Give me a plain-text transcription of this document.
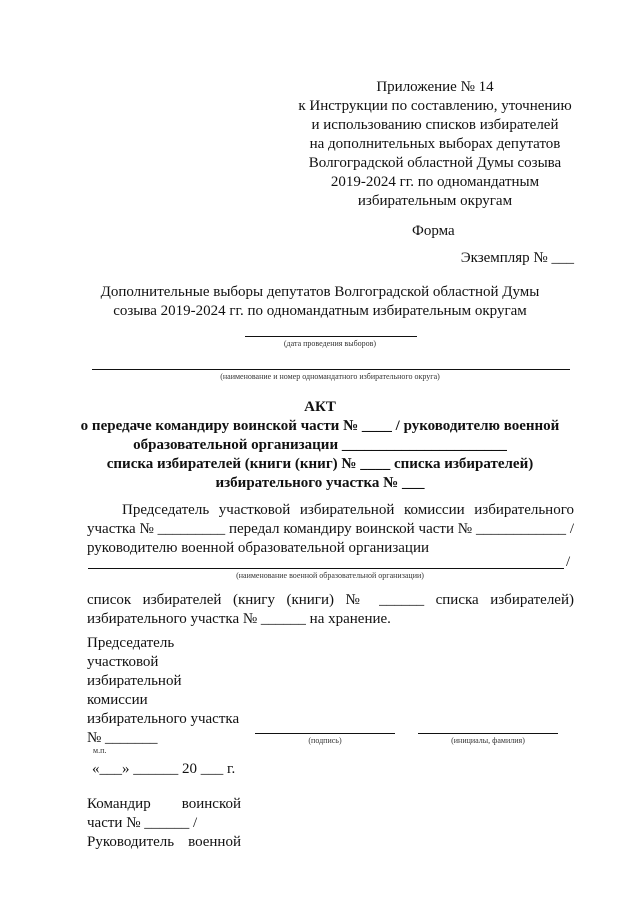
Приложение № 14
к Инструкции по составлению, уточнению
и использованию списков избирателей
на дополнительных выборах депутатов
Волгоградской областной Думы созыва
2019-2024 гг. по одномандатным
избирательным округам
Форма
Экземпляр № ___
Дополнительные выборы депутатов Волгоградской областной Думы
созыва 2019-2024 гг. по одномандатным избирательным округам
(дата проведения выборов)
(наименование и номер одномандатного избирательного округа)
АКТ
о передаче командиру воинской части № ____ / руководителю военной
образовательной организации ______________________
списка избирателей (книги (книг) № ____ списка избирателей)
избирательного участка № ___
Председатель участковой избирательной комиссии избирательного
участка № _________ передал командиру воинской части № ____________ /
руководителю военной образовательной организации
/
(наименование военной образовательной организации)
список избирателей (книгу (книги) № ______ списка избирателей)
избирательного участка № ______ на хранение.
Председатель
участковой
избирательной
комиссии
избирательного участка
№ _______	(подпись)	(инициалы, фамилия)
м.п.
«___» ______ 20 ___ г.
Командир воинской
части № ______ /
Руководитель военной
